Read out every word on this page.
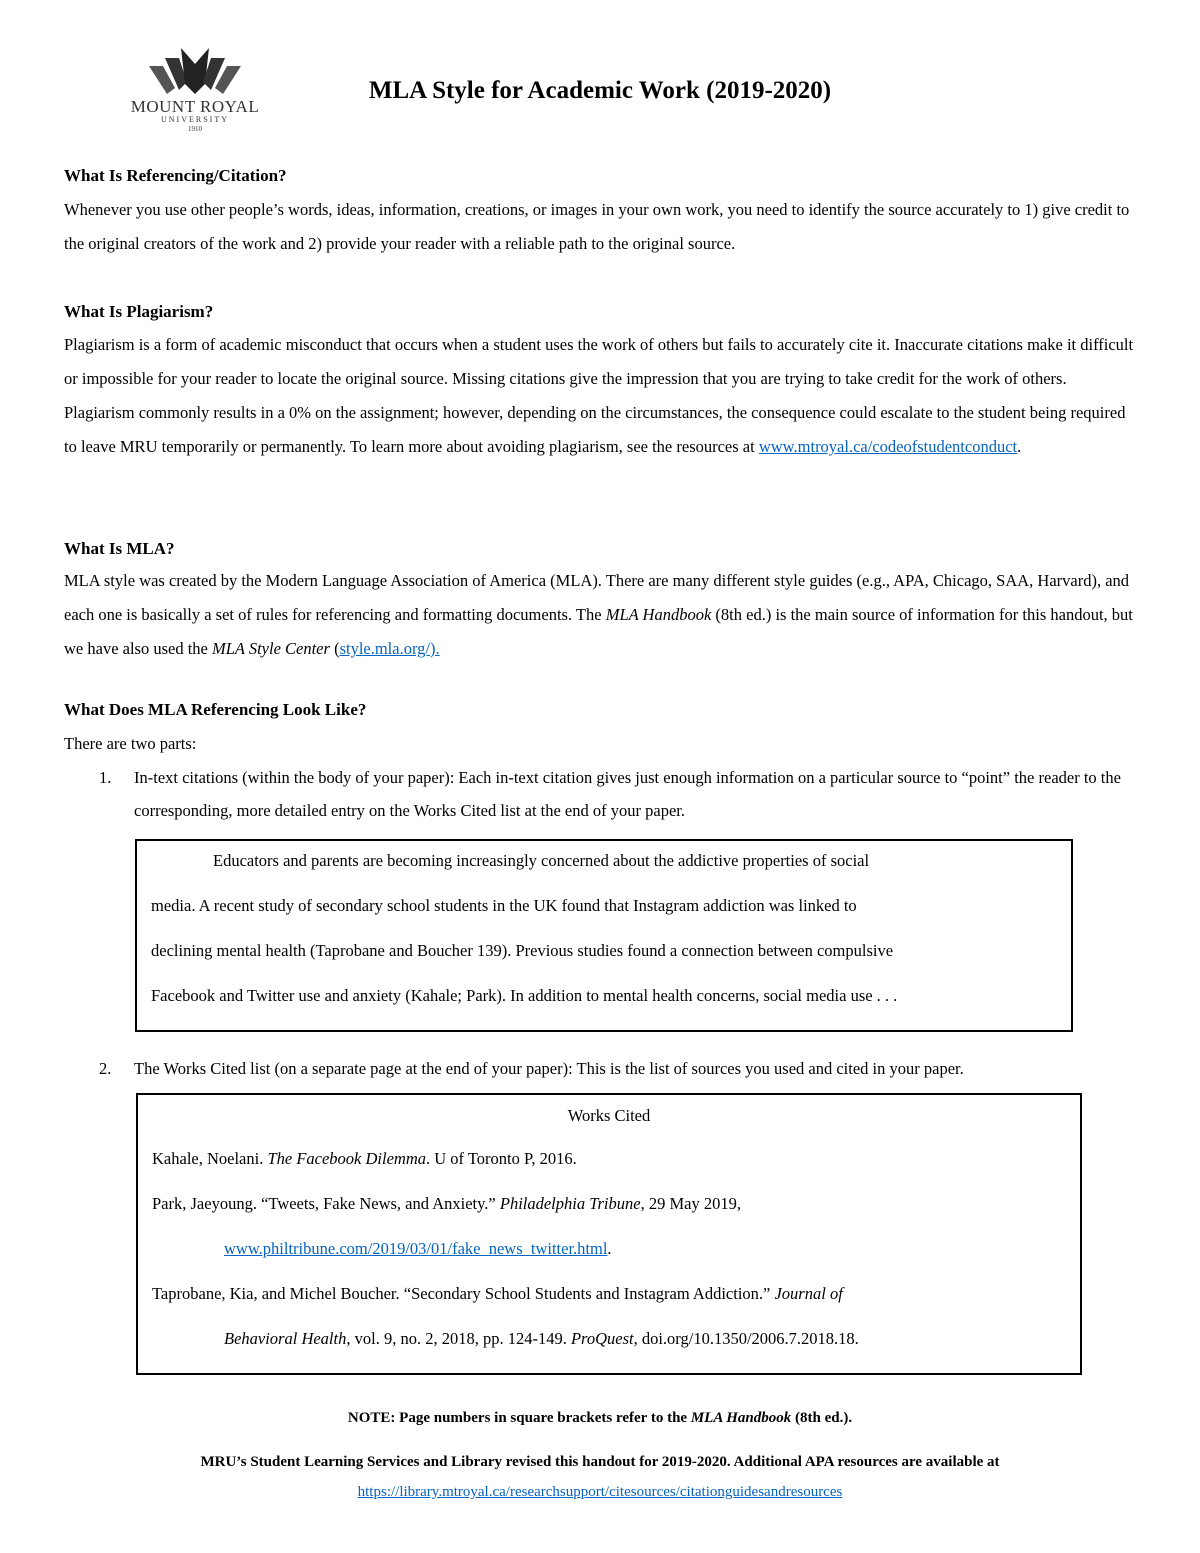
MOUNT ROYAL
UNIVERSITY
1910
MLA Style for Academic Work (2019-2020)
What Is Referencing/Citation?

Whenever you use other people’s words, ideas, information, creations, or images in your own work, you need to identify the source accurately to 1) give credit to the original creators of the work and 2) provide your reader with a reliable path to the original source.

What Is Plagiarism?

Plagiarism is a form of academic misconduct that occurs when a student uses the work of others but fails to accurately cite it. Inaccurate citations make it difficult or impossible for your reader to locate the original source. Missing citations give the impression that you are trying to take credit for the work of others. Plagiarism commonly results in a 0% on the assignment; however, depending on the circumstances, the consequence could escalate to the student being required to leave MRU temporarily or permanently. To learn more about avoiding plagiarism, see the resources at www.mtroyal.ca/codeofstudentconduct.

What Is MLA?

MLA style was created by the Modern Language Association of America (MLA). There are many different style guides (e.g., APA, Chicago, SAA, Harvard), and each one is basically a set of rules for referencing and formatting documents. The MLA Handbook (8th ed.) is the main source of information for this handout, but we have also used the MLA Style Center (style.mla.org/).

What Does MLA Referencing Look Like?

There are two parts:

1. In-text citations (within the body of your paper): Each in-text citation gives just enough information on a particular source to “point” the reader to the corresponding, more detailed entry on the Works Cited list at the end of your paper.

Educators and parents are becoming increasingly concerned about the addictive properties of social

media. A recent study of secondary school students in the UK found that Instagram addiction was linked to

declining mental health (Taprobane and Boucher 139). Previous studies found a connection between compulsive

Facebook and Twitter use and anxiety (Kahale; Park). In addition to mental health concerns, social media use . . .

2. The Works Cited list (on a separate page at the end of your paper): This is the list of sources you used and cited in your paper.
Works Cited
Kahale, Noelani. The Facebook Dilemma. U of Toronto P, 2016.
Park, Jaeyoung. “Tweets, Fake News, and Anxiety.” Philadelphia Tribune, 29 May 2019,
www.philtribune.com/2019/03/01/fake_news_twitter.html.
Taprobane, Kia, and Michel Boucher. “Secondary School Students and Instagram Addiction.” Journal of
Behavioral Health, vol. 9, no. 2, 2018, pp. 124-149. ProQuest, doi.org/10.1350/2006.7.2018.18.

NOTE: Page numbers in square brackets refer to the MLA Handbook (8th ed.).

MRU’s Student Learning Services and Library revised this handout for 2019-2020. Additional APA resources are available at

https://library.mtroyal.ca/researchsupport/citesources/citationguidesandresources
